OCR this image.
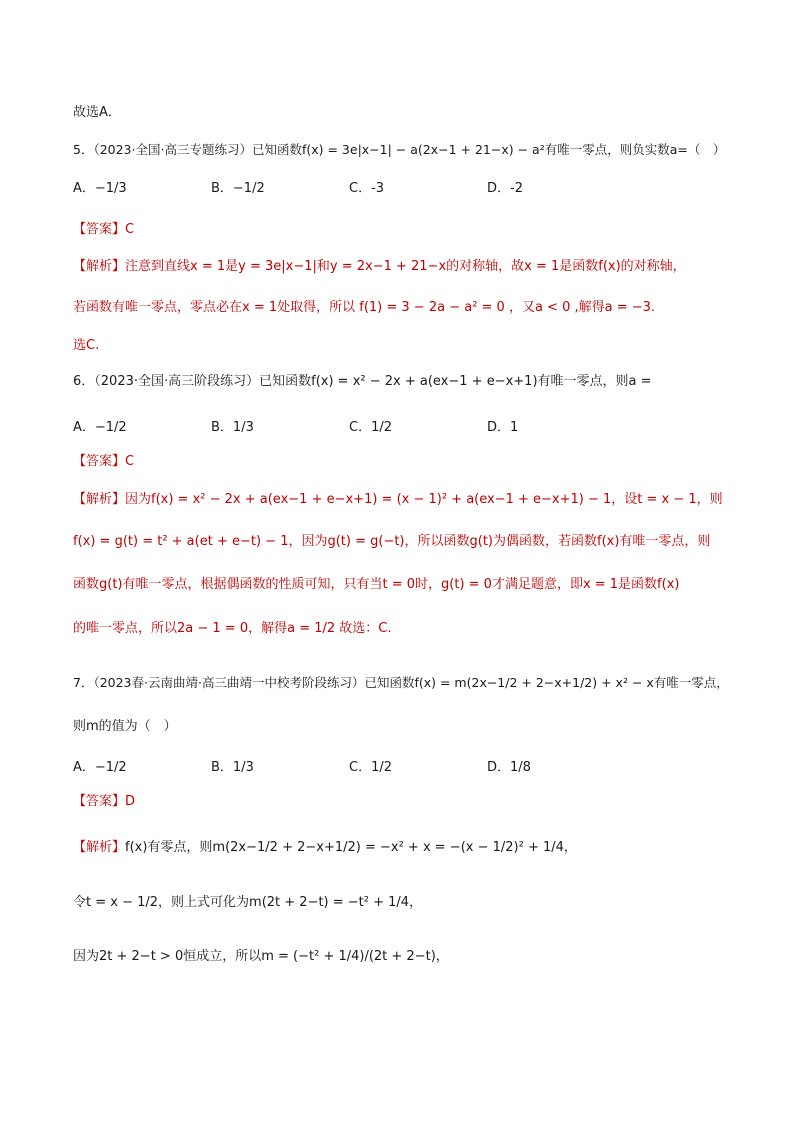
故选A．
5．（2023·全国·高三专题练习）已知函数f(x) = 3e|x−1| − a(2x−1 + 21−x) − a²有唯一零点，则负实数a=（　）
A．−1/3	B．−1/2	C．-3	D．-2
【答案】C
【解析】注意到直线x = 1是y = 3e|x−1|和y = 2x−1 + 21−x的对称轴，故x = 1是函数f(x)的对称轴，
若函数有唯一零点，零点必在x = 1处取得，所以 f(1) = 3 − 2a − a² = 0 ，又a < 0 ,解得a = −3.
选C.
6．（2023·全国·高三阶段练习）已知函数f(x) = x² − 2x + a(ex−1 + e−x+1)有唯一零点，则a =
A．−1/2	B．1/3	C．1/2	D．1
【答案】C
【解析】因为f(x) = x² − 2x + a(ex−1 + e−x+1) = (x − 1)² + a(ex−1 + e−x+1) − 1，设t = x − 1，则
f(x) = g(t) = t² + a(et + e−t) − 1，因为g(t) = g(−t)，所以函数g(t)为偶函数，若函数f(x)有唯一零点，则
函数g(t)有唯一零点，根据偶函数的性质可知，只有当t = 0时，g(t) = 0才满足题意，即x = 1是函数f(x)
的唯一零点，所以2a − 1 = 0，解得a = 1/2 故选：C.
7．（2023春·云南曲靖·高三曲靖一中校考阶段练习）已知函数f(x) = m(2x−1/2 + 2−x+1/2) + x² − x有唯一零点，
则m的值为（　）
A．−1/2	B．1/3	C．1/2	D．1/8
【答案】D
【解析】f(x)有零点，则m(2x−1/2 + 2−x+1/2) = −x² + x = −(x − 1/2)² + 1/4，
令t = x − 1/2，则上式可化为m(2t + 2−t) = −t² + 1/4，
因为2t + 2−t > 0恒成立，所以m = (−t² + 1/4)/(2t + 2−t)，
